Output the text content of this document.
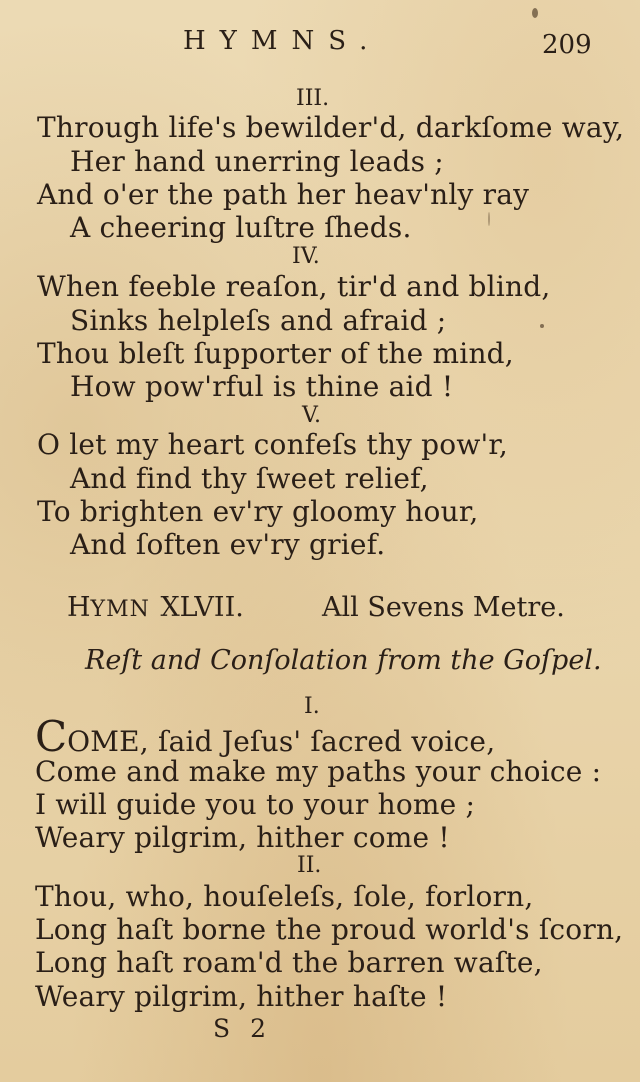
HYMNS.	209
III.
Through life's bewilder'd, darkſome way,
Her hand unerring leads ;
And o'er the path her heav'nly ray
A cheering luſtre ſheds.
IV.
When feeble reaſon, tir'd and blind,
Sinks helpleſs and afraid ;
Thou bleſt ſupporter of the mind,
How pow'rful is thine aid !
V.
O let my heart confeſs thy pow'r,
And find thy ſweet relief,
To brighten ev'ry gloomy hour,
And ſoften ev'ry grief.
HYMN XLVII.	All Sevens Metre.
Reſt and Conſolation from the Goſpel.
I.
COME, ſaid Jeſus' ſacred voice,
Come and make my paths your choice :
I will guide you to your home ;
Weary pilgrim, hither come !
II.
Thou, who, houſeleſs, ſole, forlorn,
Long haſt borne the proud world's ſcorn,
Long haſt roam'd the barren waſte,
Weary pilgrim, hither haſte !
S 2
